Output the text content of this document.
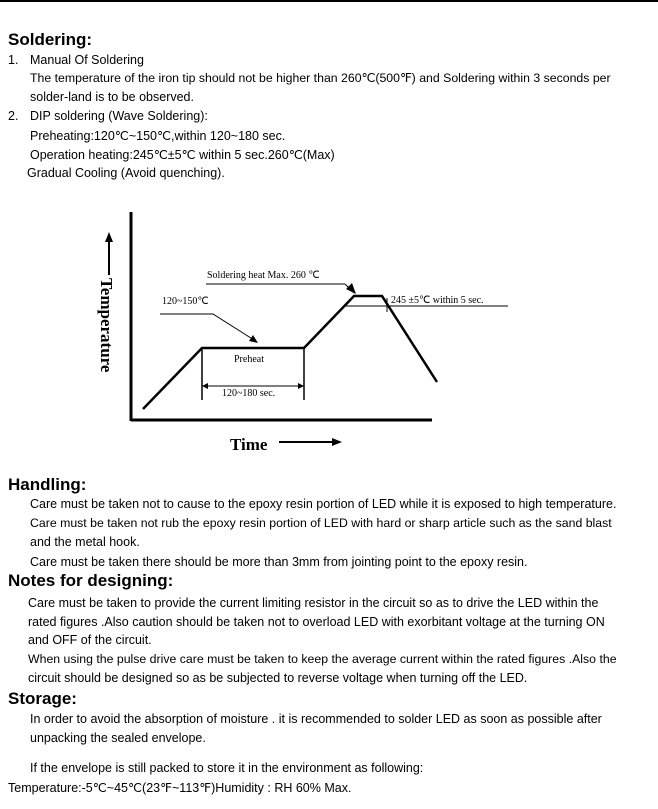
Soldering:
1. Manual Of Soldering
The temperature of the iron tip should not be higher than 260℃(500℉) and Soldering within 3 seconds per
solder-land is to be observed.
2. DIP soldering (Wave Soldering):
Preheating:120℃~150℃,within 120~180 sec.
Operation heating:245℃±5℃ within 5 sec.260℃(Max)
Gradual Cooling (Avoid quenching).
Temperature
Time
120~180 sec.
Preheat
120~150℃
Soldering heat Max. 260 ℃
245 ±5℃ within 5 sec.
Handling:
Care must be taken not to cause to the epoxy resin portion of LED while it is exposed to high temperature.
Care must be taken not rub the epoxy resin portion of LED with hard or sharp article such as the sand blast
and the metal hook.
Care must be taken there should be more than 3mm from jointing point to the epoxy resin.
Notes for designing:
Care must be taken to provide the current limiting resistor in the circuit so as to drive the LED within the
rated figures .Also caution should be taken not to overload LED with exorbitant voltage at the turning ON
and OFF of the circuit.
When using the pulse drive care must be taken to keep the average current within the rated figures .Also the
circuit should be designed so as be subjected to reverse voltage when turning off the LED.
Storage:
In order to avoid the absorption of moisture . it is recommended to solder LED as soon as possible after
unpacking the sealed envelope.
If the envelope is still packed to store it in the environment as following:
Temperature:-5℃~45℃(23℉~113℉)Humidity : RH 60% Max.
